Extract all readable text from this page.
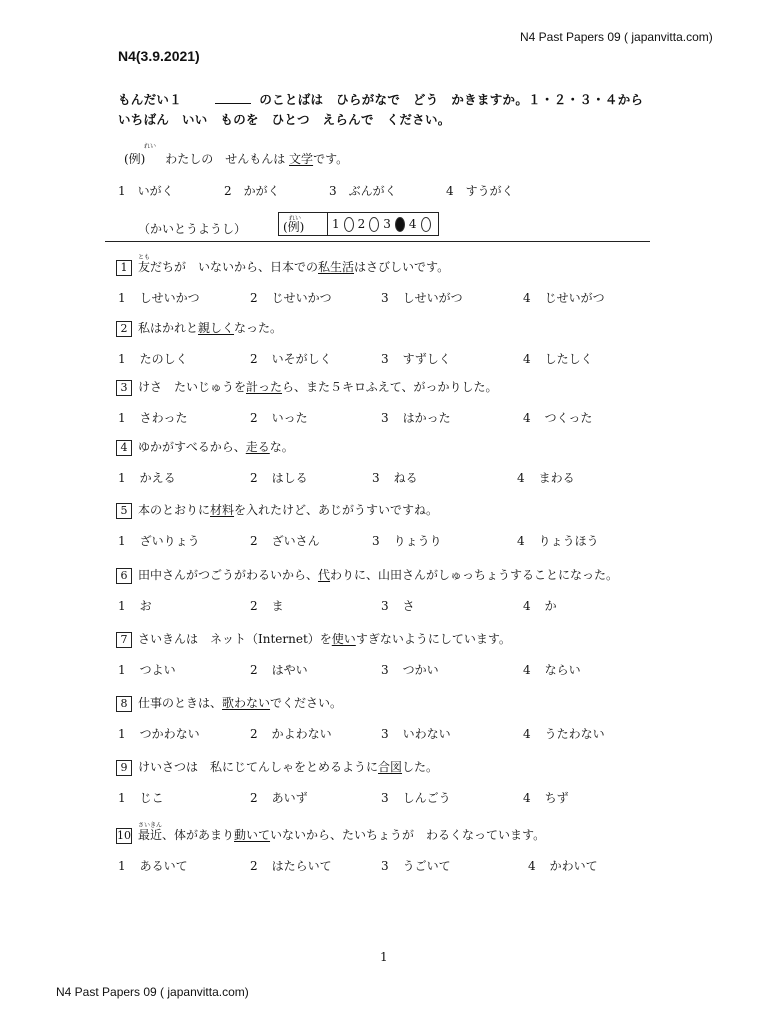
N4 Past Papers 09 ( japanvitta.com)
N4(3.9.2021)
もんだい１	のことばは　ひらがなで　どう　かきますか。１・２・３・４から
いちばん　いい　ものを　ひとつ　えらんで　ください。
れい
(例) わたしの　せんもんは 文学です。
1　いがく	2　かがく	3　ぶんがく	4　すうがく
（かいとうようし）
れい
(例) 1 2 3 4
1
とも
友だちが　いないから、日本での私生活はさびしいです。
1 しせいかつ	2 じせいかつ	3 しせいがつ	4 じせいがつ
2 私はかれと親しくなった。
1 たのしく	2 いそがしく	3 すずしく	4 したしく
3 けさ　たいじゅうを計ったら、また５キロふえて、がっかりした。
1 さわった	2 いった	3 はかった	4 つくった
4 ゆかがすべるから、走るな。
1 かえる	2 はしる	3 ねる	4 まわる
5 本のとおりに材料を入れたけど、あじがうすいですね。
1 ざいりょう	2 ざいさん	3 りょうり	4 りょうほう
6 田中さんがつごうがわるいから、代わりに、山田さんがしゅっちょうすることになった。
1 お	2 ま	3 さ	4 か
7 さいきんは　ネット（Internet）を使いすぎないようにしています。
1 つよい	2 はやい	3 つかい	4 ならい
8 仕事のときは、歌わないでください。
1 つかわない	2 かよわない	3 いわない	4 うたわない
9 けいさつは　私にじてんしゃをとめるように合図した。
1 じこ	2 あいず	3 しんごう	4 ちず
10
さいきん
最近、体があまり動いていないから、たいちょうが　わるくなっています。
1 あるいて	2 はたらいて	3 うごいて	4 かわいて
1
N4 Past Papers 09 ( japanvitta.com)
